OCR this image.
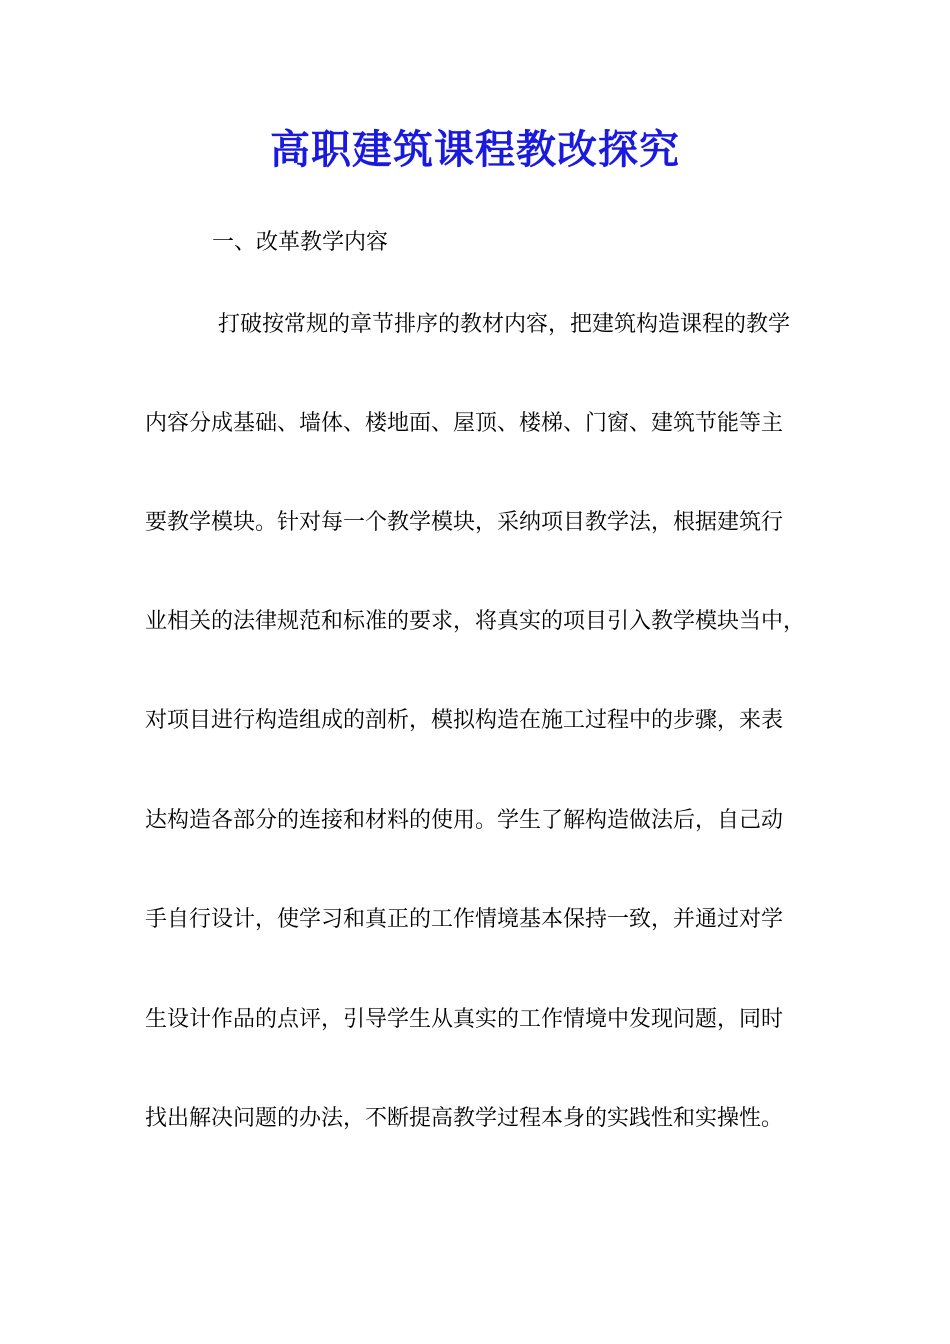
高职建筑课程教改探究
一、改革教学内容
打破按常规的章节排序的教材内容，把建筑构造课程的教学
内容分成基础、墙体、楼地面、屋顶、楼梯、门窗、建筑节能等主
要教学模块。针对每一个教学模块，采纳项目教学法，根据建筑行
业相关的法律规范和标准的要求，将真实的项目引入教学模块当中，
对项目进行构造组成的剖析，模拟构造在施工过程中的步骤，来表
达构造各部分的连接和材料的使用。学生了解构造做法后，自己动
手自行设计，使学习和真正的工作情境基本保持一致，并通过对学
生设计作品的点评，引导学生从真实的工作情境中发现问题，同时
找出解决问题的办法，不断提高教学过程本身的实践性和实操性。
